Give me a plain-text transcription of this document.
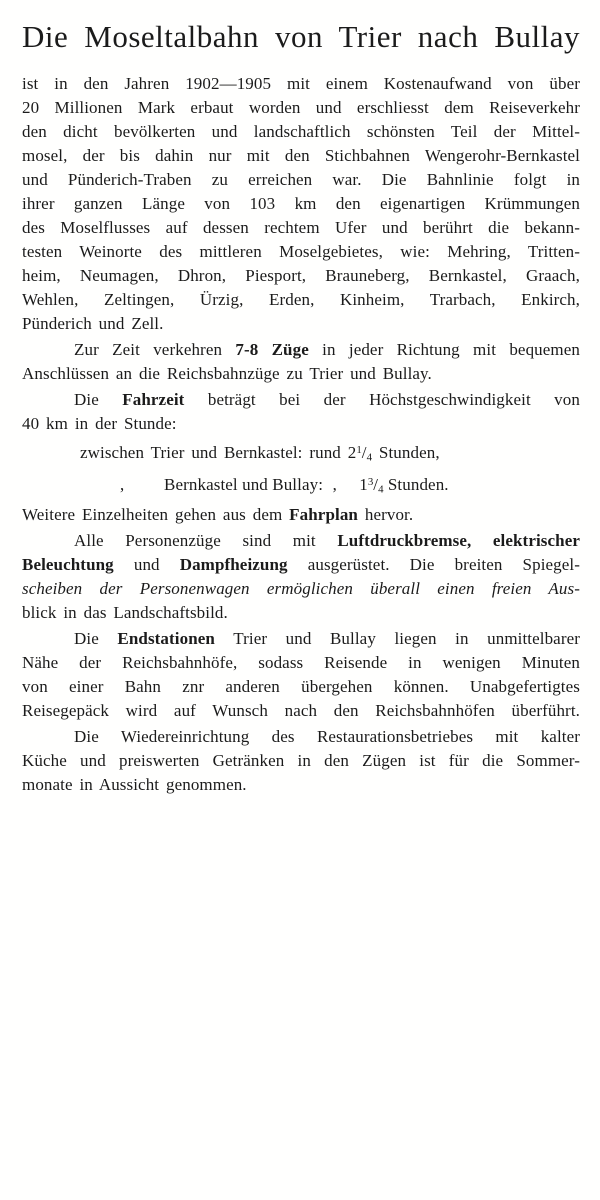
Die Moseltalbahn von Trier nach Bullay
ist in den Jahren 1902—1905 mit einem Kostenaufwand von über
20 Millionen Mark erbaut worden und erschliesst dem Reiseverkehr
den dicht bevölkerten und landschaftlich schönsten Teil der Mittel-
mosel, der bis dahin nur mit den Stichbahnen Wengerohr-Bernkastel
und Pünderich-Traben zu erreichen war. Die Bahnlinie folgt in
ihrer ganzen Länge von 103 km den eigenartigen Krümmungen
des Moselflusses auf dessen rechtem Ufer und berührt die bekann-
testen Weinorte des mittleren Moselgebietes, wie: Mehring, Tritten-
heim, Neumagen, Dhron, Piesport, Brauneberg, Bernkastel, Graach,
Wehlen, Zeltingen, Ürzig, Erden, Kinheim, Trarbach, Enkirch,
Pünderich und Zell.
Zur Zeit verkehren 7-8 Züge in jeder Richtung mit bequemen
Anschlüssen an die Reichsbahnzüge zu Trier und Bullay.
Die Fahrzeit beträgt bei der Höchstgeschwindigkeit von
40 km in der Stunde:
zwischen Trier und Bernkastel: rund $2^1/_4$ Stunden,
‚         Bernkastel und Bullay:  ‚     $1^3/_4$ Stunden.
Weitere Einzelheiten gehen aus dem Fahrplan hervor.
Alle Personenzüge sind mit Luftdruckbremse, elektrischer
Beleuchtung und Dampfheizung ausgerüstet. Die breiten Spiegel-
scheiben der Personenwagen ermöglichen überall einen freien Aus-
blick in das Landschaftsbild.
Die Endstationen Trier und Bullay liegen in unmittelbarer
Nähe der Reichsbahnhöfe, sodass Reisende in wenigen Minuten
von einer Bahn znr anderen übergehen können. Unabgefertigtes
Reisegepäck wird auf Wunsch nach den Reichsbahnhöfen überführt.
Die Wiedereinrichtung des Restaurationsbetriebes mit kalter
Küche und preiswerten Getränken in den Zügen ist für die Sommer-
monate in Aussicht genommen.
